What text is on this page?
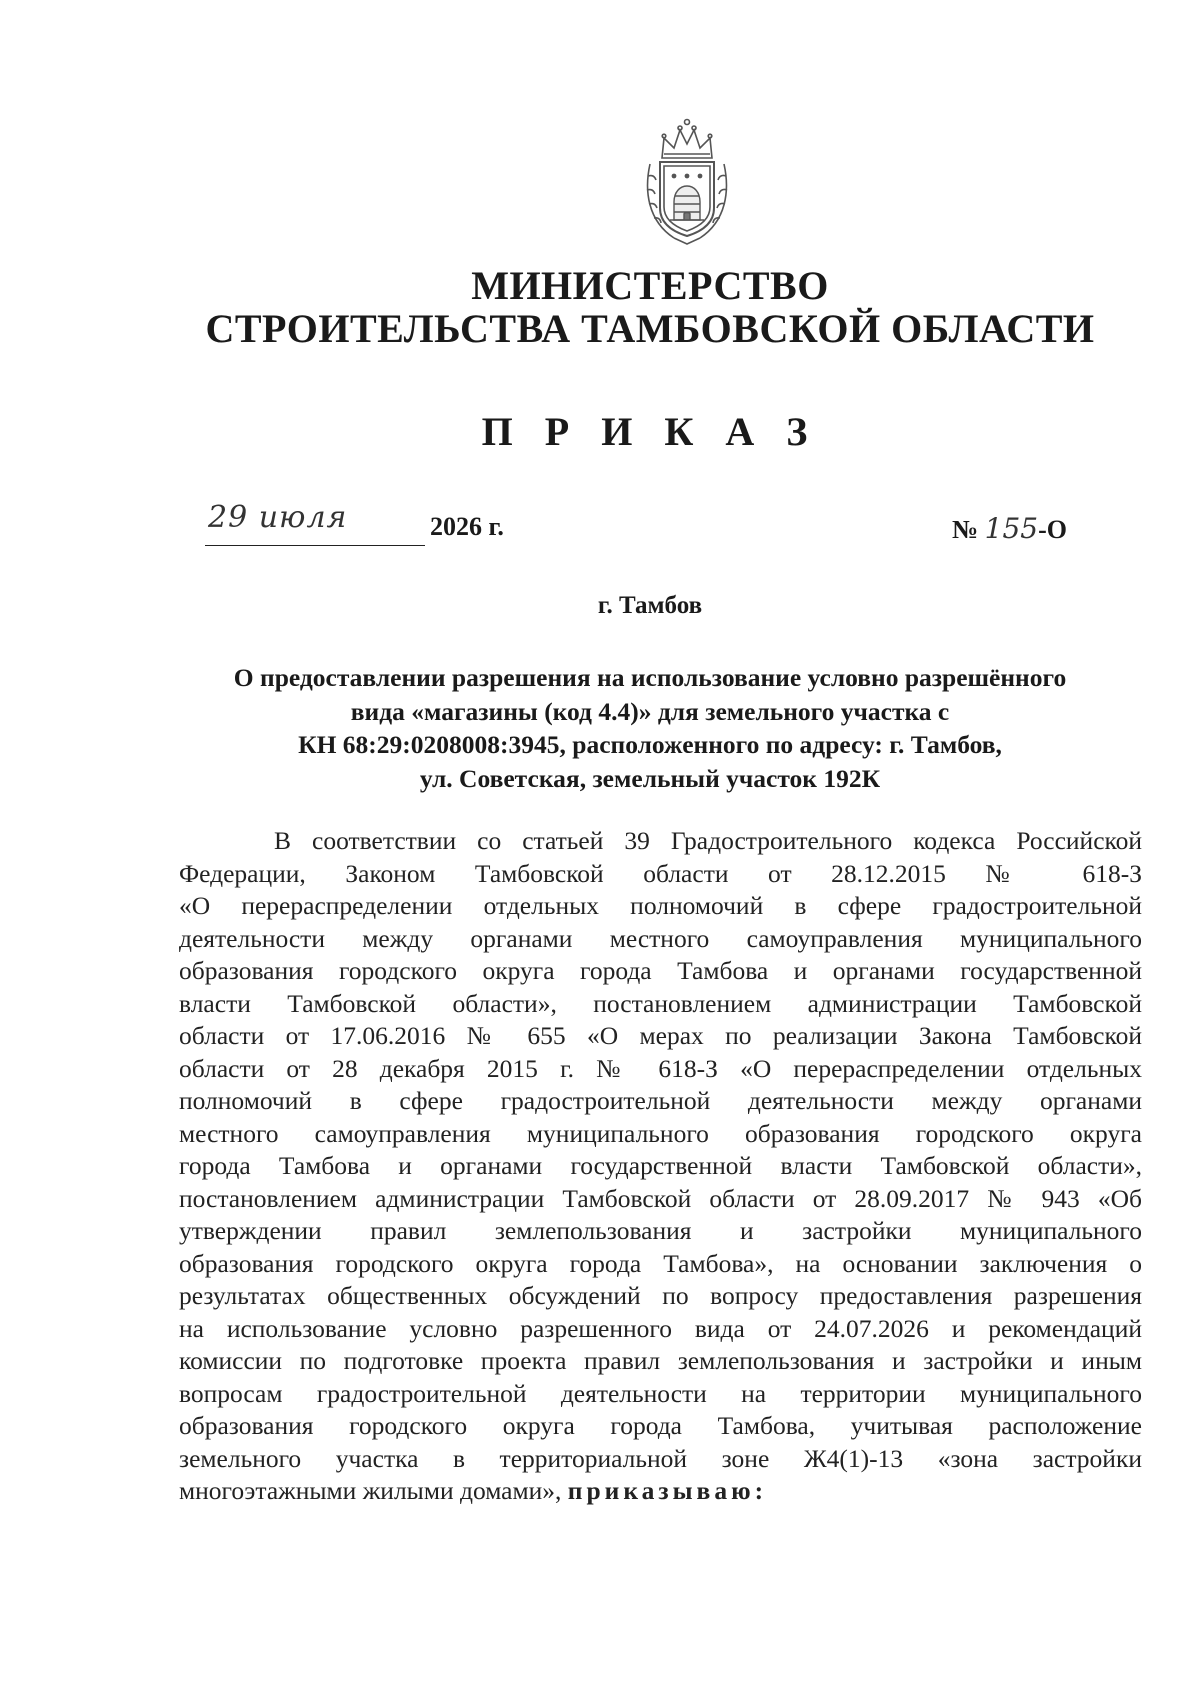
МИНИСТЕРСТВО
СТРОИТЕЛЬСТВА ТАМБОВСКОЙ ОБЛАСТИ
П Р И К А З
29 июля	2026 г.	№ 155-О
г. Тамбов
О предоставлении разрешения на использование условно разрешённого
вида «магазины (код 4.4)» для земельного участка с
КН 68:29:0208008:3945, расположенного по адресу: г. Тамбов,
ул. Советская, земельный участок 192К
В соответствии со статьей 39 Градостроительного кодекса Российской
Федерации, Законом Тамбовской области от 28.12.2015 № 618-З
«О перераспределении отдельных полномочий в сфере градостроительной
деятельности между органами местного самоуправления муниципального
образования городского округа города Тамбова и органами государственной
власти Тамбовской области», постановлением администрации Тамбовской
области от 17.06.2016 № 655 «О мерах по реализации Закона Тамбовской
области от 28 декабря 2015 г. № 618-З «О перераспределении отдельных
полномочий в сфере градостроительной деятельности между органами
местного самоуправления муниципального образования городского округа
города Тамбова и органами государственной власти Тамбовской области»,
постановлением администрации Тамбовской области от 28.09.2017 № 943 «Об
утверждении правил землепользования и застройки муниципального
образования городского округа города Тамбова», на основании заключения о
результатах общественных обсуждений по вопросу предоставления разрешения
на использование условно разрешенного вида от 24.07.2026 и рекомендаций
комиссии по подготовке проекта правил землепользования и застройки и иным
вопросам градостроительной деятельности на территории муниципального
образования городского округа города Тамбова, учитывая расположение
земельного участка в территориальной зоне Ж4(1)-13 «зона застройки
многоэтажными жилыми домами», приказываю:
